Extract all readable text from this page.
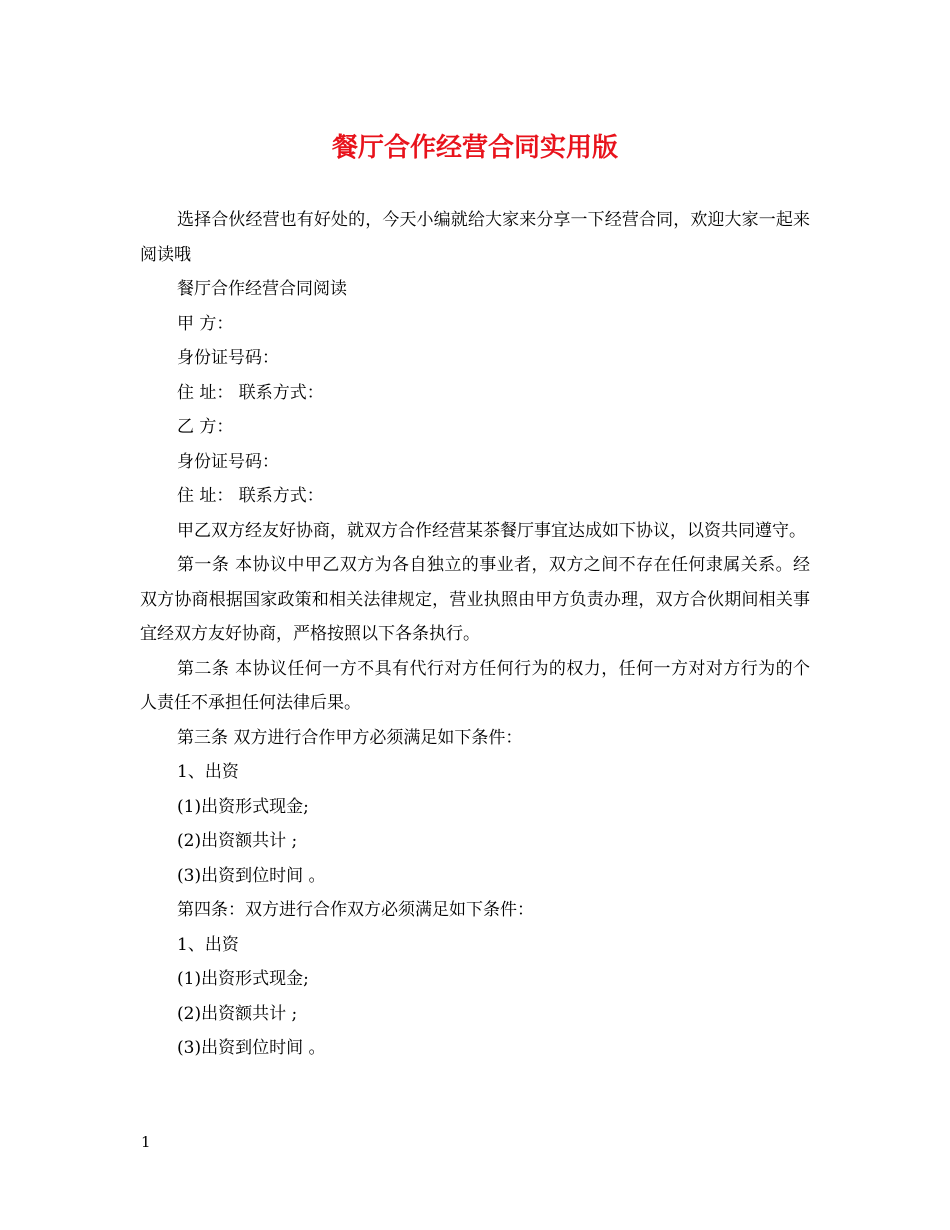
餐厅合作经营合同实用版

选择合伙经营也有好处的，今天小编就给大家来分享一下经营合同，欢迎大家一起来阅读哦

餐厅合作经营合同阅读

甲 方：

身份证号码：

住 址： 联系方式：

乙 方：

身份证号码：

住 址： 联系方式：

甲乙双方经友好协商，就双方合作经营某茶餐厅事宜达成如下协议，以资共同遵守。

第一条 本协议中甲乙双方为各自独立的事业者，双方之间不存在任何隶属关系。经双方协商根据国家政策和相关法律规定，营业执照由甲方负责办理，双方合伙期间相关事宜经双方友好协商，严格按照以下各条执行。

第二条 本协议任何一方不具有代行对方任何行为的权力，任何一方对对方行为的个人责任不承担任何法律后果。

第三条 双方进行合作甲方必须满足如下条件：

1、出资

(1)出资形式现金;

(2)出资额共计 ;

(3)出资到位时间 。

第四条：双方进行合作双方必须满足如下条件：

1、出资

(1)出资形式现金;

(2)出资额共计 ;

(3)出资到位时间 。

1
